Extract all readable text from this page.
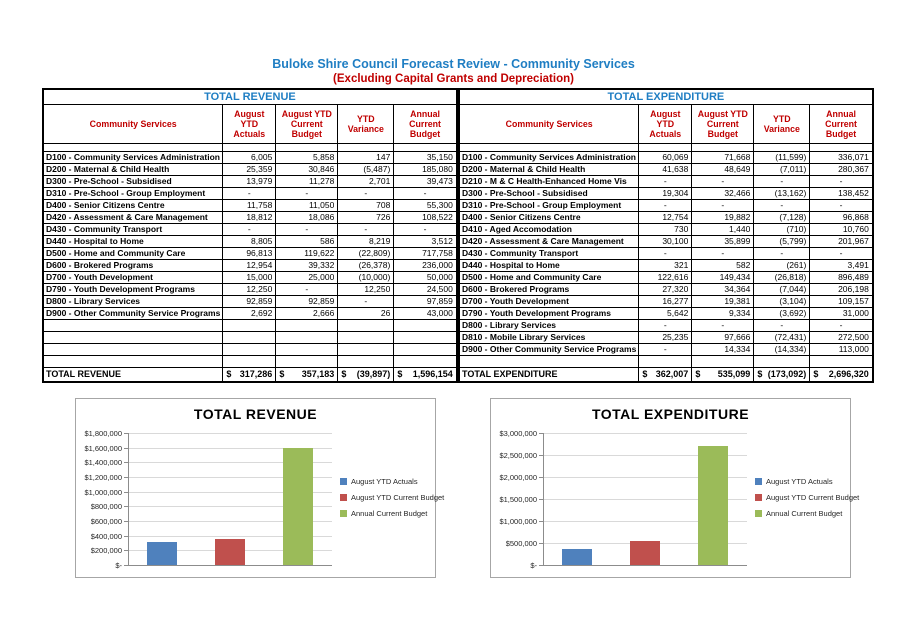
Buloke Shire Council Forecast Review - Community Services
(Excluding Capital Grants and Depreciation)
TOTAL REVENUE				
Community Services	August YTD Actuals	August YTD Current Budget	YTD Variance	Annual Current Budget

D100 - Community Services Administration	6,005	5,858	147	35,150
D200 - Maternal & Child Health	25,359	30,846	(5,487)	185,080
D300 - Pre-School - Subsidised	13,979	11,278	2,701	39,473
D310 - Pre-School - Group Employment	-	-	-	-
D400 - Senior Citizens Centre	11,758	11,050	708	55,300
D420 - Assessment & Care Management	18,812	18,086	726	108,522
D430 - Community Transport	-	-	-	-
D440 - Hospital to Home	8,805	586	8,219	3,512
D500 - Home and Community Care	96,813	119,622	(22,809)	717,758
D600 - Brokered Programs	12,954	39,332	(26,378)	236,000
D700 - Youth Development	15,000	25,000	(10,000)	50,000
D790 - Youth Development Programs	12,250	-	12,250	24,500
D800 - Library Services	92,859	92,859	-	97,859
D900 - Other Community Service Programs	2,692	2,666	26	43,000

TOTAL REVENUE	$ 317,286	$ 357,183	$ (39,897)	$ 1,596,154
TOTAL EXPENDITURE				
Community Services	August YTD Actuals	August YTD Current Budget	YTD Variance	Annual Current Budget

D100 - Community Services Administration	60,069	71,668	(11,599)	336,071
D200 - Maternal & Child Health	41,638	48,649	(7,011)	280,367
D210 - M & C Health-Enhanced Home Vis	-	-	-	-
D300 - Pre-School - Subsidised	19,304	32,466	(13,162)	138,452
D310 - Pre-School - Group Employment	-	-	-	-
D400 - Senior Citizens Centre	12,754	19,882	(7,128)	96,868
D410 - Aged Accomodation	730	1,440	(710)	10,760
D420 - Assessment & Care Management	30,100	35,899	(5,799)	201,967
D430 - Community Transport	-	-	-	-
D440 - Hospital to Home	321	582	(261)	3,491
D500 - Home and Community Care	122,616	149,434	(26,818)	896,489
D600 - Brokered Programs	27,320	34,364	(7,044)	206,198
D700 - Youth Development	16,277	19,381	(3,104)	109,157
D790 - Youth Development Programs	5,642	9,334	(3,692)	31,000
D800 - Library Services	-	-	-	-
D810 - Mobile Library Services	25,235	97,666	(72,431)	272,500
D900 - Other Community Service Programs	-	14,334	(14,334)	113,000

TOTAL EXPENDITURE	$ 362,007	$ 535,099	$ (173,092)	$ 2,696,320
TOTAL REVENUE
$1,800,000
$1,600,000
$1,400,000
$1,200,000
$1,000,000
$800,000
$600,000
$400,000
$200,000
$-
August YTD Actuals
August YTD Current Budget
Annual Current Budget
TOTAL EXPENDITURE
$3,000,000
$2,500,000
$2,000,000
$1,500,000
$1,000,000
$500,000
$-
August YTD Actuals
August YTD Current Budget
Annual Current Budget
